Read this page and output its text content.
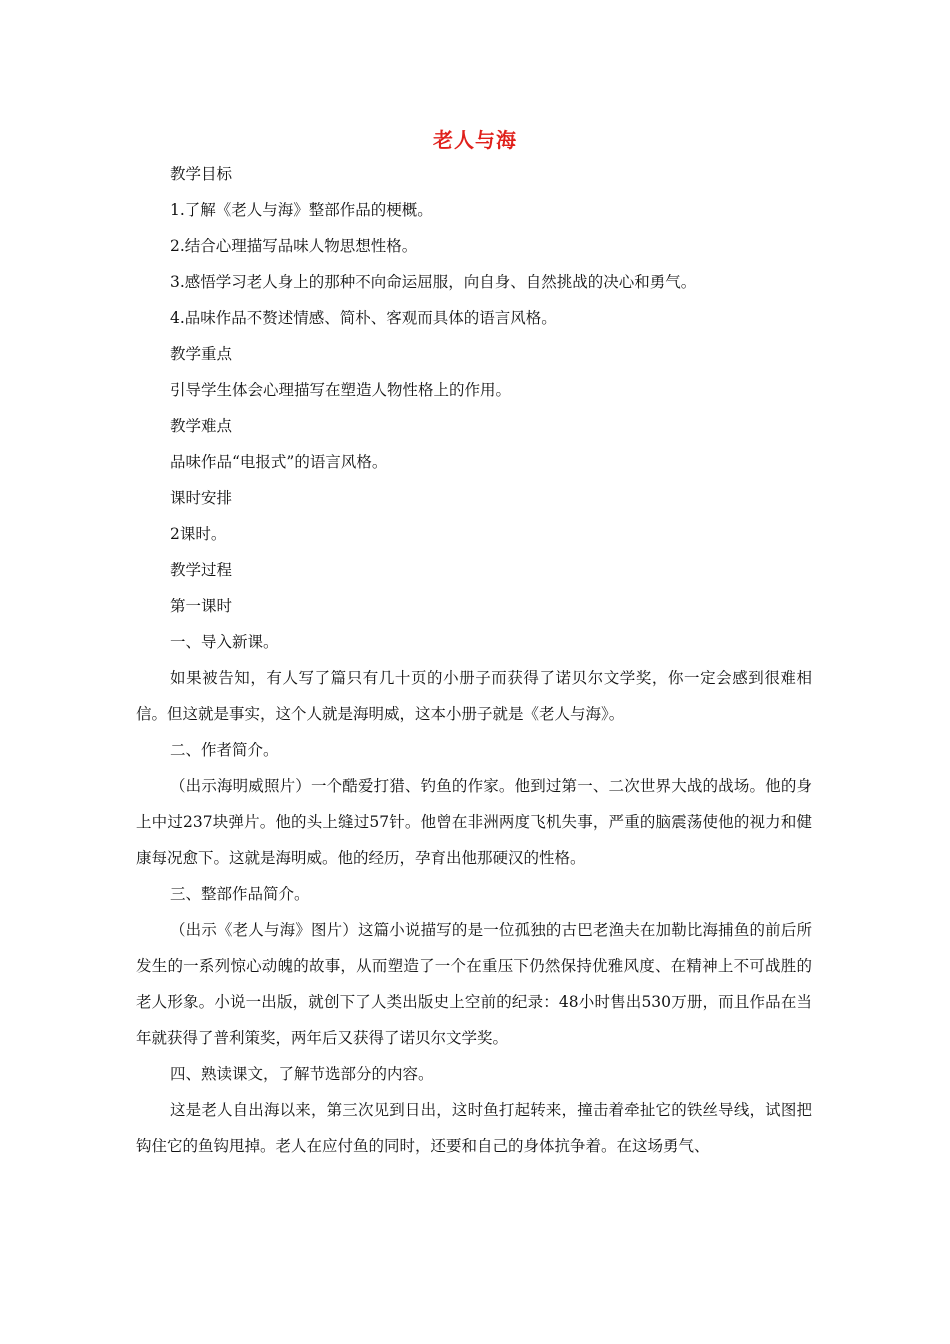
老人与海

教学目标

1.了解《老人与海》整部作品的梗概。

2.结合心理描写品味人物思想性格。

3.感悟学习老人身上的那种不向命运屈服，向自身、自然挑战的决心和勇气。

4.品味作品不赘述情感、简朴、客观而具体的语言风格。

教学重点

引导学生体会心理描写在塑造人物性格上的作用。

教学难点

品味作品“电报式”的语言风格。

课时安排

2课时。

教学过程

第一课时

一、导入新课。

如果被告知，有人写了篇只有几十页的小册子而获得了诺贝尔文学奖，你一定会感到很难相信。但这就是事实，这个人就是海明威，这本小册子就是《老人与海》。

二、作者简介。

（出示海明威照片）一个酷爱打猎、钓鱼的作家。他到过第一、二次世界大战的战场。他的身上中过237块弹片。他的头上缝过57针。他曾在非洲两度飞机失事，严重的脑震荡使他的视力和健康每况愈下。这就是海明威。他的经历，孕育出他那硬汉的性格。

三、整部作品简介。

（出示《老人与海》图片）这篇小说描写的是一位孤独的古巴老渔夫在加勒比海捕鱼的前后所发生的一系列惊心动魄的故事，从而塑造了一个在重压下仍然保持优雅风度、在精神上不可战胜的老人形象。小说一出版，就创下了人类出版史上空前的纪录：48小时售出530万册，而且作品在当年就获得了普利策奖，两年后又获得了诺贝尔文学奖。

四、熟读课文，了解节选部分的内容。

这是老人自出海以来，第三次见到日出，这时鱼打起转来，撞击着牵扯它的铁丝导线，试图把钩住它的鱼钩甩掉。老人在应付鱼的同时，还要和自己的身体抗争着。在这场勇气、
